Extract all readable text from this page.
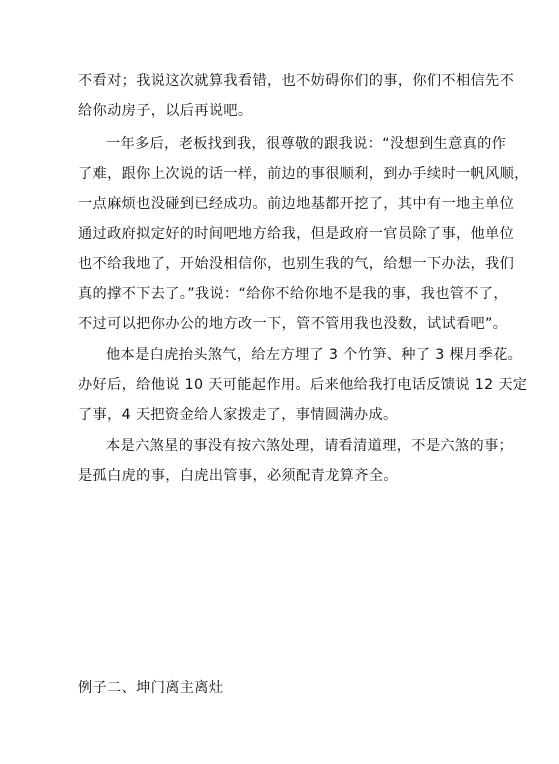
不看对；我说这次就算我看错，也不妨碍你们的事，你们不相信先不
给你动房子，以后再说吧。
一年多后，老板找到我，很尊敬的跟我说：“没想到生意真的作
了难，跟你上次说的话一样，前边的事很顺利，到办手续时一帆风顺，
一点麻烦也没碰到已经成功。前边地基都开挖了，其中有一地主单位
通过政府拟定好的时间吧地方给我，但是政府一官员除了事，他单位
也不给我地了，开始没相信你，也别生我的气，给想一下办法，我们
真的撑不下去了。”我说：“给你不给你地不是我的事，我也管不了，
不过可以把你办公的地方改一下，管不管用我也没数，试试看吧”。
他本是白虎抬头煞气，给左方埋了 3 个竹笋、种了 3 棵月季花。
办好后，给他说 10 天可能起作用。后来他给我打电话反馈说 12 天定
了事，4 天把资金给人家拨走了，事情圆满办成。
本是六煞星的事没有按六煞处理，请看清道理，不是六煞的事；
是孤白虎的事，白虎出管事，必须配青龙算齐全。
例子二、坤门离主离灶
